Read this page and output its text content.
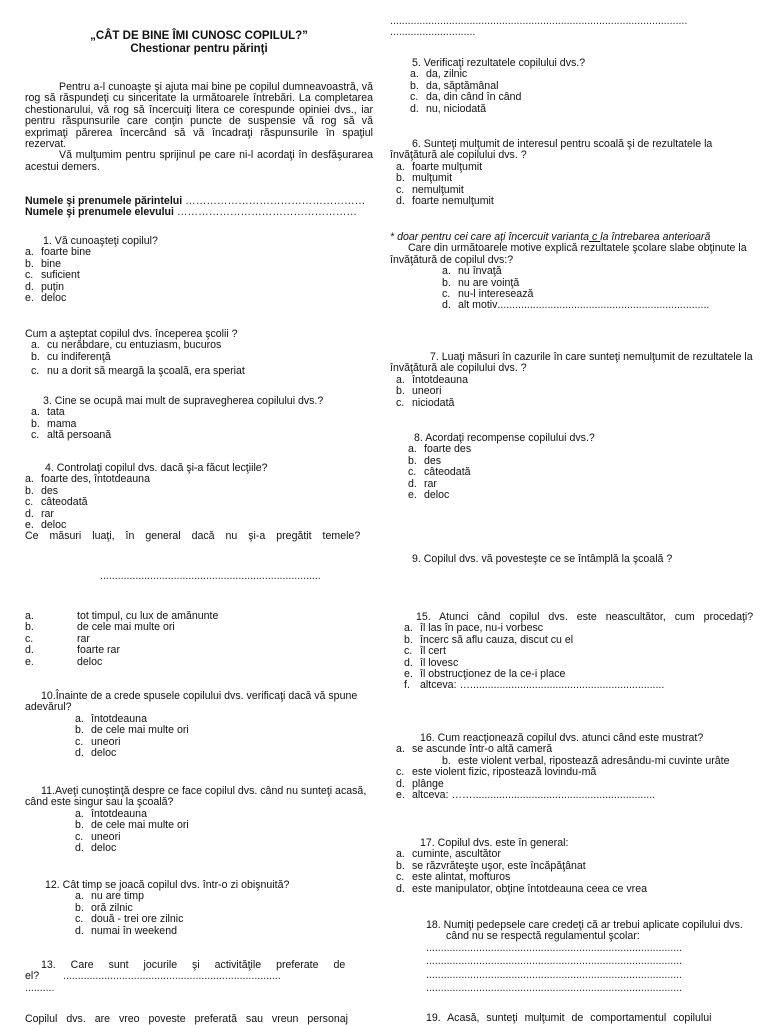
„CÂT DE BINE ÎMI CUNOSC COPILUL?”
Chestionar pentru părinţi

Pentru a-l cunoaşte şi ajuta mai bine pe copilul dumneavoastră, vă rog să răspundeţi cu sinceritate la următoarele întrebări. La completarea chestionarului, vă rog să încercuiţi litera ce corespunde opiniei dvs., iar pentru răspunsurile care conţin puncte de suspensie vă rog să vă exprimaţi părerea încercând să vă încadraţi răspunsurile în spaţiul rezervat.

Vă mulţumim pentru sprijinul pe care ni-l acordaţi în desfăşurarea acestui demers.

Numele şi prenumele părintelui ……………………………………………
Numele şi prenumele elevului ……………………………………………
1. Vă cunoaşteţi copilul?
a. foarte bine
b. bine
c. suficient
d. puţin
e. deloc
Cum a aşteptat copilul dvs. începerea şcolii ?
a. cu nerăbdare, cu entuziasm, bucuros
b. cu indiferenţă
c. nu a dorit să meargă la şcoală, era speriat
3. Cine se ocupă mai mult de supravegherea copilului dvs.?
a. tata
b. mama
c. altă persoană
4. Controlaţi copilul dvs. dacă şi-a făcut lecţiile?
a. foarte des, întotdeauna
b. des
c. câteodată
d. rar
e. deloc
Ce măsuri luaţi, în general dacă nu şi-a pregătit temele?
...........................................................................
a.	tot timpul, cu lux de amănunte
b.	de cele mai multe ori
c.	rar
d.	foarte rar
e.	deloc
10.Înainte de a crede spusele copilului dvs. verificaţi dacă vă spune adevărul?
a. întotdeauna
b. de cele mai multe ori
c. uneori
d. deloc
11.Aveţi cunoştinţă despre ce face copilul dvs. când nu sunteţi acasă, când este singur sau la şcoală?
a. întotdeauna
b. de cele mai multe ori
c. uneori
d. deloc
12. Cât timp se joacă copilul dvs. într-o zi obişnuită?
a. nu are timp
b. oră zilnic
c. două - trei ore zilnic
d. numai în weekend
13. Care sunt jocurile şi activităţile preferate de el?	..........................................................................
..........
Copilul dvs. are vreo poveste preferată sau vreun personaj
.....................................................................................................
.............................
5. Verificaţi rezultatele copilului dvs.?
a. da, zilnic
b. da, săptămânal
c. da, din când în când
d. nu, niciodată
6. Sunteţi mulţumit de interesul pentru scoală şi de rezultatele la învăţătură ale copilului dvs. ?
a. foarte mulţumit
b. mulţumit
c. nemulţumit
d. foarte nemulţumit
* doar pentru cei care aţi încercuit varianta c la întrebarea anterioară
Care din următoarele motive explică rezultatele şcolare slabe obţinute la învăţătură de copilul dvs:?
a. nu învaţă
b. nu are voinţă
c. nu-l interesează
d. alt motiv ........................................................................
7. Luaţi măsuri în cazurile în care sunteţi nemulţumit de rezultatele la învăţătură ale copilului dvs. ?
a. întotdeauna
b. uneori
c. niciodată
8. Acordaţi recompense copilului dvs.?
a. foarte des
b. des
c. câteodată
d. rar
e. deloc
9. Copilul dvs. vă povesteşte ce se întâmplă la şcoală ?
15. Atunci când copilul dvs. este neascultător, cum procedaţi?
a. îl las în pace, nu-i vorbesc
b. încerc să aflu cauza, discut cu el
c. îl cert
d. îl lovesc
e. îl obstrucţionez de la ce-i place
f. altceva: …..................................................................
16. Cum reacţionează copilul dvs. atunci când este mustrat?
a. se ascunde într-o altă cameră
b. este violent verbal, ripostează adresându-mi cuvinte urâte
c. este violent fizic, ripostează lovindu-mă
d. plânge
e. altceva: ……..............................................................
17. Copilul dvs. este în general:
a. cuminte, ascultător
b. se răzvrăteşte uşor, este încăpăţânat
c. este alintat, mofturos
d. este manipulator, obţine întotdeauna ceea ce vrea
18. Numiţi pedepsele care credeţi că ar trebui aplicate copilului dvs. când nu se respectă regulamentul şcolar:
.......................................................................................
.......................................................................................
.......................................................................................
.......................................................................................
19. Acasă, sunteţi mulţumit de comportamentul copilului
